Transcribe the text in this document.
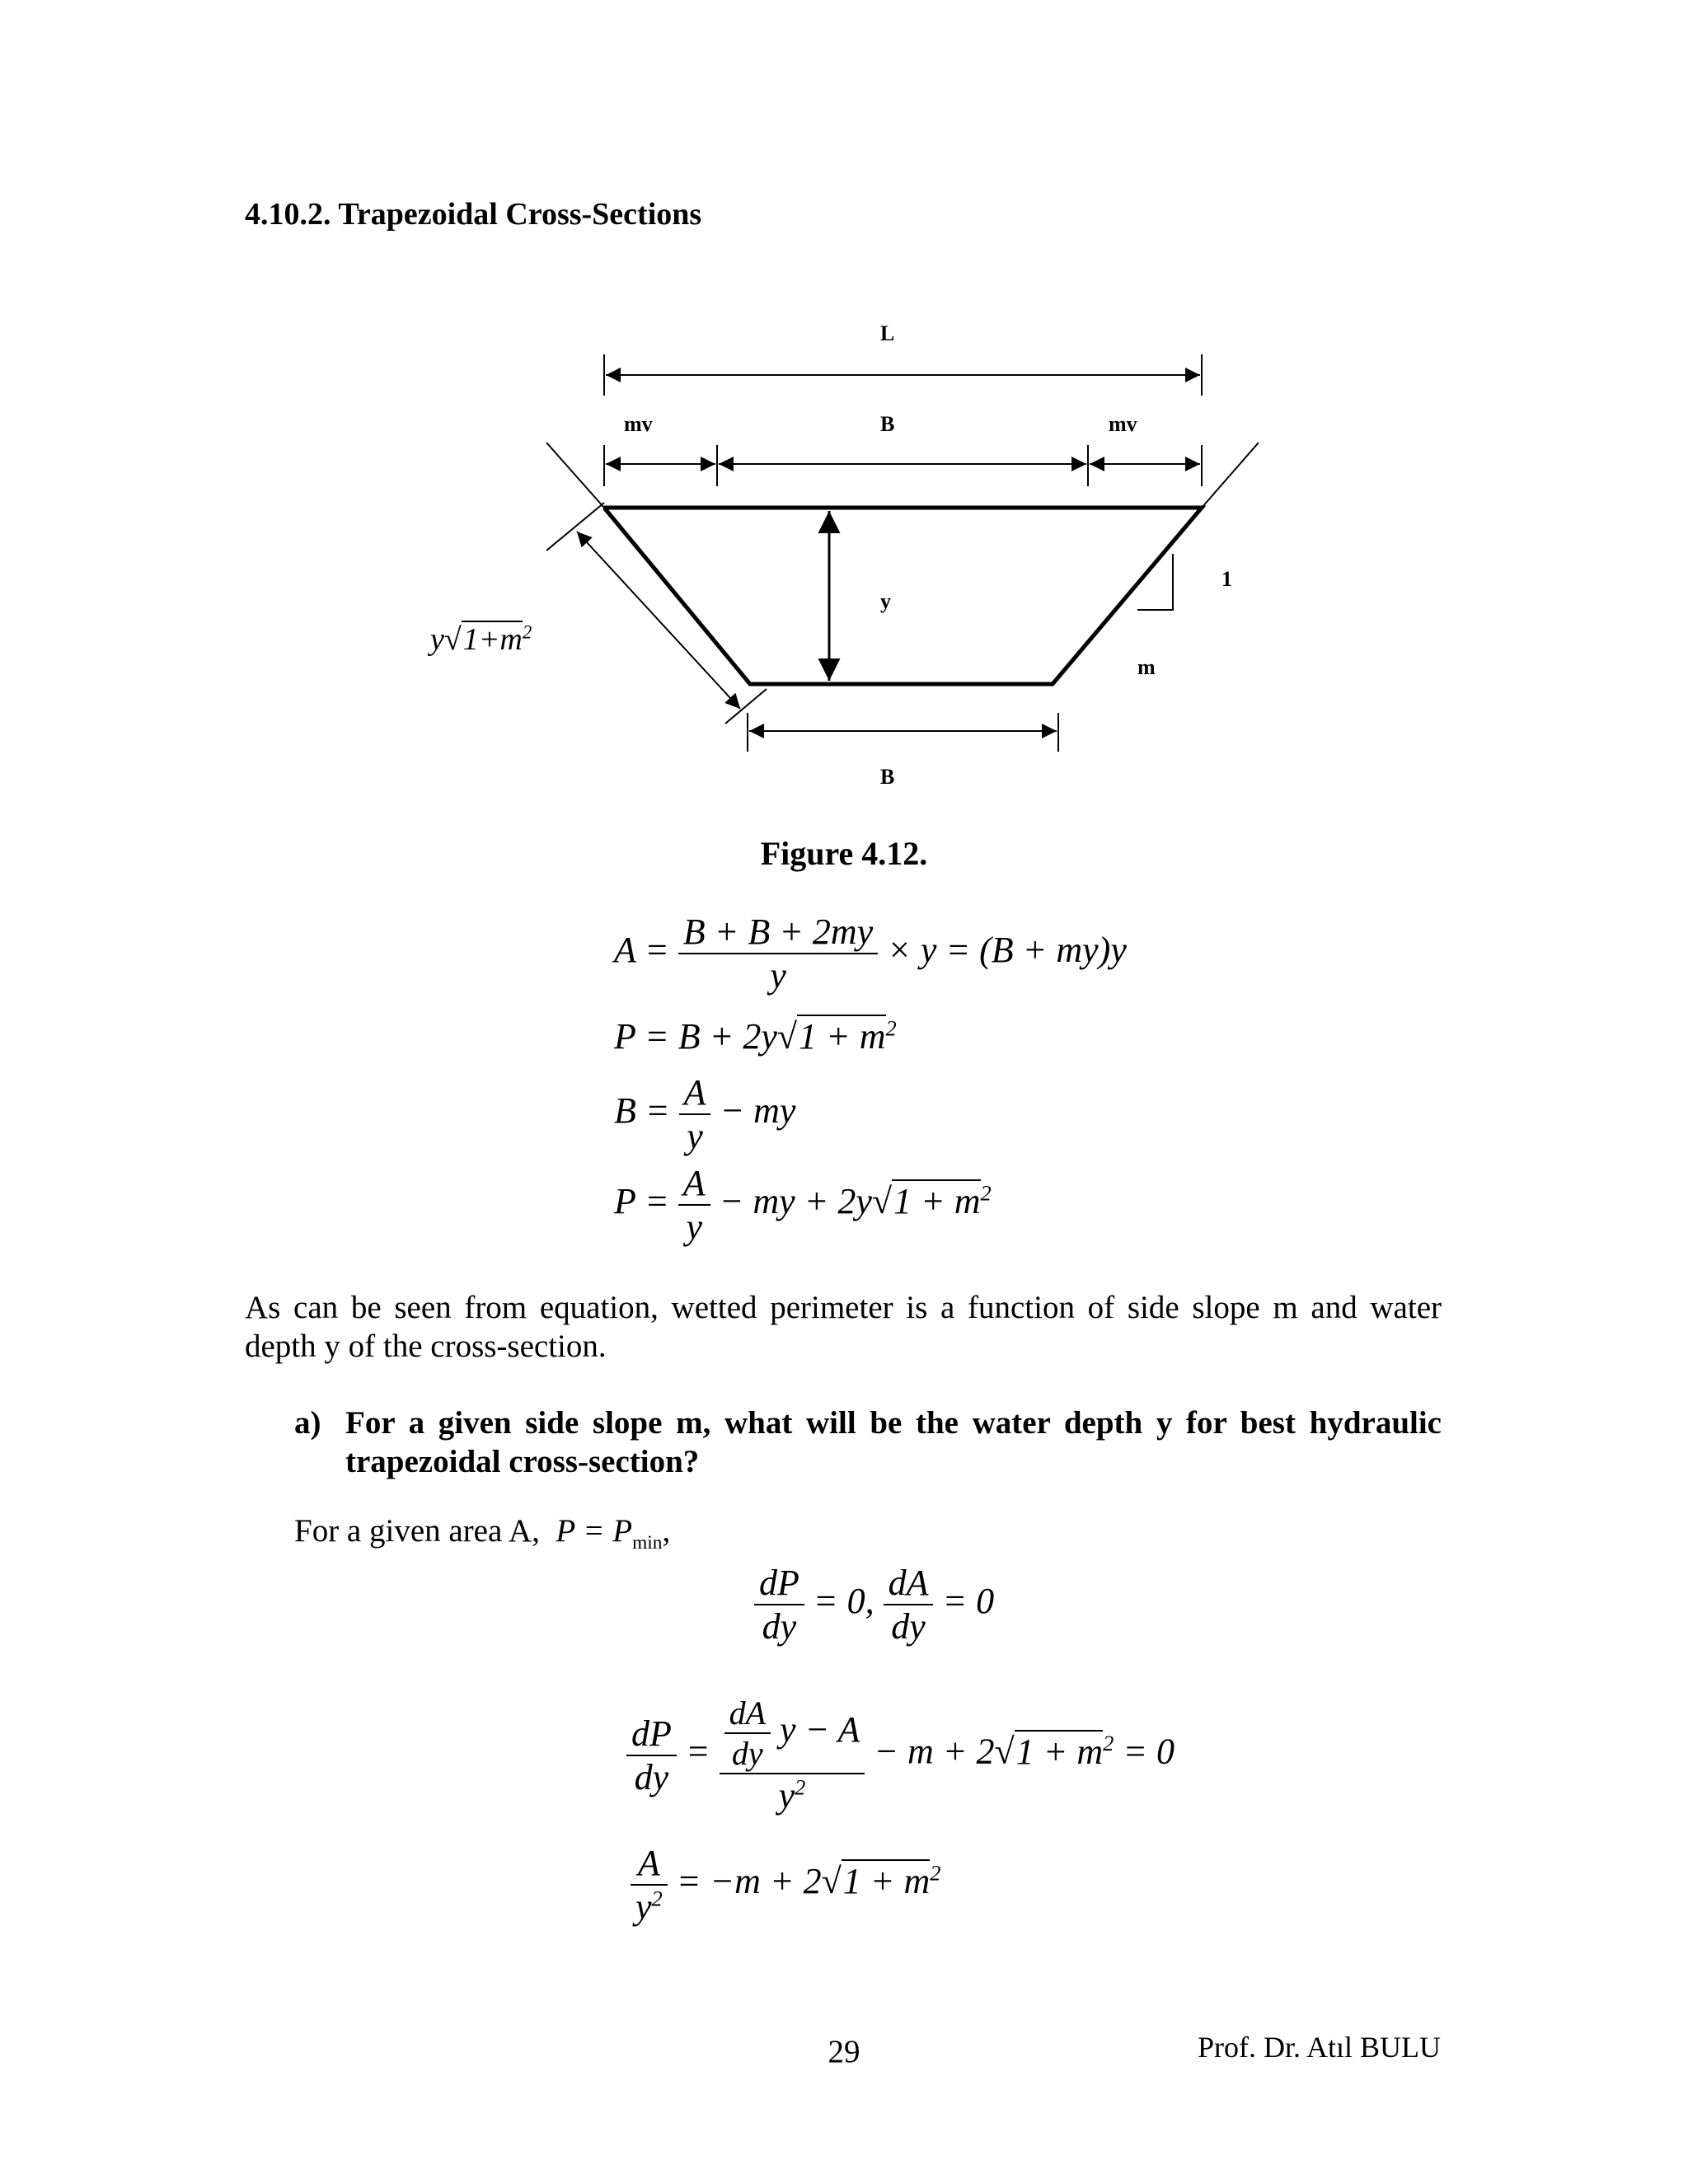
4.10.2. Trapezoidal Cross-Sections
L
mv	B	mv
y
1
m
B
$y√1+m^2$
Figure 4.12.
$A = \frac{B + B + 2my}{y} \times y = (B + my)y$
$P = B + 2y√1 + m^2$
$B = \frac{A}{y}$ − my
$P = \frac{A}{y}$ − my + $2y√1 + m^2$
As can be seen from equation, wetted perimeter is a function of side slope m and water depth y of the cross-section.
a) For a given side slope m, what will be the water depth y for best hydraulic trapezoidal cross-section?
For a given area A, $P = P_{min}$,
$\frac{dP}{dy} = 0$, $\frac{dA}{dy} = 0$
$\frac{dP}{dy} = \frac{\frac{dA}{dy} y - A}{y^2} - m + 2√1 + m^2 = 0$
$\frac{A}{y^2} = -m + 2√1 + m^2$
29	Prof. Dr. Atıl BULU
